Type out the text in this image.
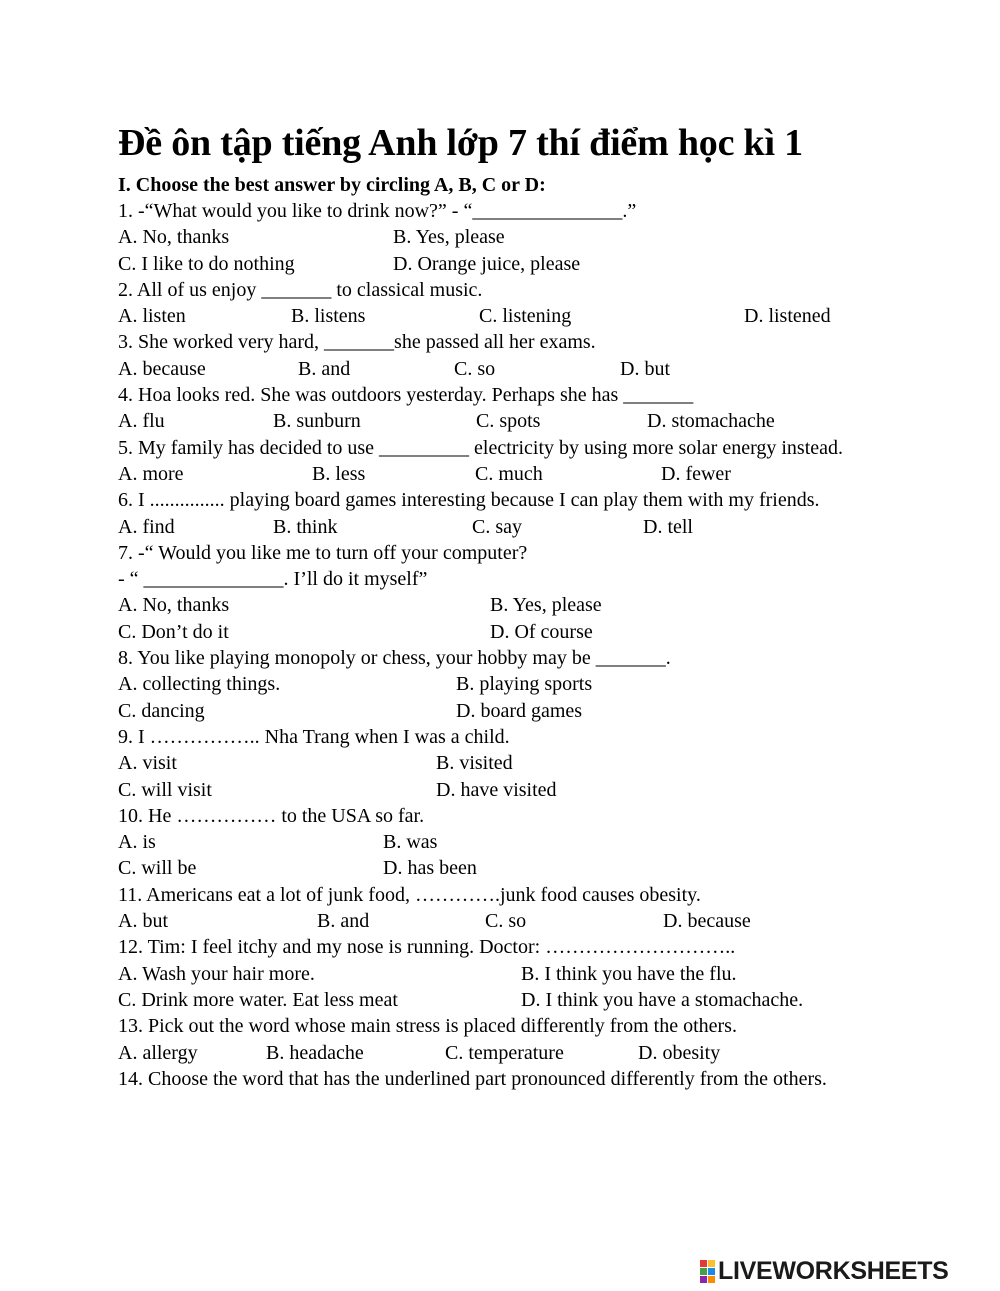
Đề ôn tập tiếng Anh lớp 7 thí điểm học kì 1
I. Choose the best answer by circling A, B, C or D:
1. -“What would you like to drink now?” - “_______________.”
A. No, thanks	B. Yes, please
C. I like to do nothing	D. Orange juice, please
2. All of us enjoy _______ to classical music.
A. listen	B. listens	C. listening	D. listened
3. She worked very hard, _______she passed all her exams.
A. because	B. and	C. so	D. but
4. Hoa looks red. She was outdoors yesterday. Perhaps she has _______
A. flu	B. sunburn	C. spots	D. stomachache
5. My family has decided to use _________ electricity by using more solar energy instead.
A. more	B. less	C. much	D. fewer
6. I ............... playing board games interesting because I can play them with my friends.
A. find	B. think	C. say	D. tell
7. -“ Would you like me to turn off your computer?
- “ ______________. I’ll do it myself”
A. No, thanks	B. Yes, please
C. Don’t do it	D. Of course
8. You like playing monopoly or chess, your hobby may be _______.
A. collecting things.	B. playing sports
C. dancing	D. board games
9. I …………….. Nha Trang when I was a child.
A. visit	B. visited
C. will visit	D. have visited
10. He …………… to the USA so far.
A. is	B. was
C. will be	D. has been
11. Americans eat a lot of junk food, ………….junk food causes obesity.
A. but	B. and	C. so	D. because
12. Tim: I feel itchy and my nose is running. Doctor: ………………………..
A. Wash your hair more.	B. I think you have the flu.
C. Drink more water. Eat less meat	D. I think you have a stomachache.
13. Pick out the word whose main stress is placed differently from the others.
A. allergy	B. headache	C. temperature	D. obesity
14. Choose the word that has the underlined part pronounced differently from the others.
LIVEWORKSHEETS
